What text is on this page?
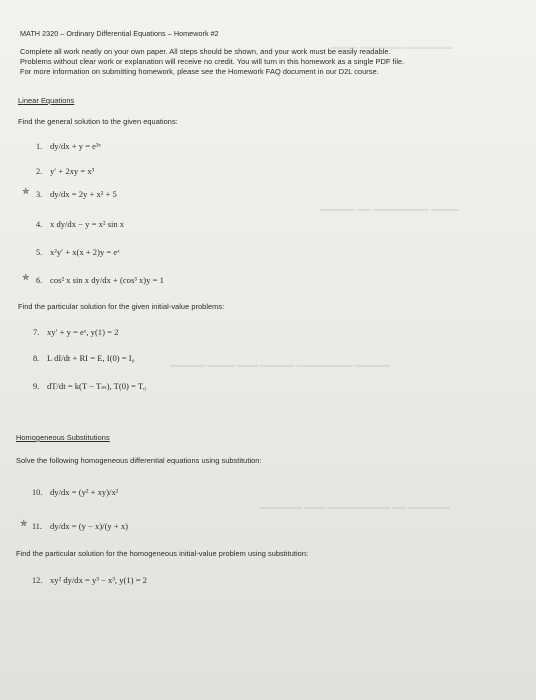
▬▬▬▬ ▬▬▬▬▬▬ ▬▬▬▬▬▬▬
▬▬▬▬▬ ▬▬ ▬▬▬▬▬▬▬▬ ▬▬▬▬
▬▬▬▬▬ ▬▬▬▬ ▬▬▬ ▬▬▬▬▬ ▬▬▬▬▬▬▬▬ ▬▬▬▬▬
▬▬▬▬▬▬ ▬▬▬ ▬▬▬▬▬▬▬▬▬ ▬▬ ▬▬▬▬▬▬
MATH 2320 – Ordinary Differential Equations – Homework #2
Complete all work neatly on your own paper. All steps should be shown, and your work must be easily readable.
Problems without clear work or explanation will receive no credit. You will turn in this homework as a single PDF file.
For more information on submitting homework, please see the Homework FAQ document in our D2L course.
Linear Equations
Find the general solution to the given equations:
1. dy/dx + y = e³ˣ
2. y′ + 2xy = x³
✯ 3. dy/dx = 2y + x² + 5
4. x dy/dx − y = x² sin x
5. x²y′ + x(x + 2)y = eˣ
✯ 6. cos² x sin x dy/dx + (cos³ x)y = 1
Find the particular solution for the given initial-value problems:
7. xy′ + y = eˣ, y(1) = 2
8. L dI/dt + RI = E, I(0) = I₀
9. dT/dt = k(T − Tₘ), T(0) = T₀
Homogeneous Substitutions
Solve the following homogeneous differential equations using substitution:
10. dy/dx = (y² + xy)/x²
✯ 11. dy/dx = (y − x)/(y + x)
Find the particular solution for the homogeneous initial-value problem using substitution:
12. xy² dy/dx = y³ − x³, y(1) = 2
